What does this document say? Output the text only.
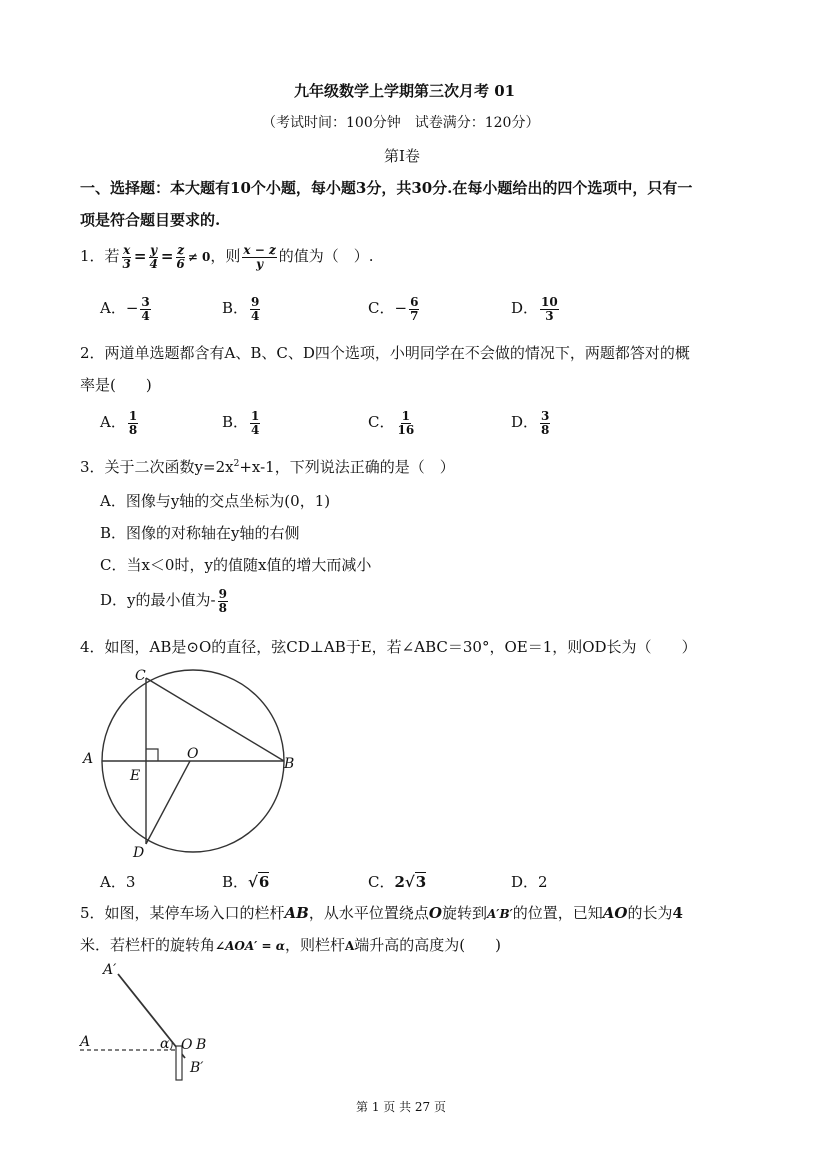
九年级数学上学期第三次月考 01
（考试时间：100分钟　试卷满分：120分）
第Ⅰ卷
一、选择题：本大题有10个小题，每小题3分，共30分.在每小题给出的四个选项中，只有一
项是符合题目要求的.
1．若 $\frac{x}{3} = \frac{y}{4} = \frac{z}{6} \ne 0$，则 $\frac{x - z}{y}$ 的值为（　）.
A．− $\frac{3}{4}$	B． $\frac{9}{4}$	C．− $\frac{6}{7}$	D． $\frac{10}{3}$
2．两道单选题都含有A、B、C、D四个选项，小明同学在不会做的情况下，两题都答对的概
率是(　　)
A． $\frac{1}{8}$	B． $\frac{1}{4}$	C． $\frac{1}{16}$	D． $\frac{3}{8}$
3．关于二次函数$y=2x^2+x-1$，下列说法正确的是（　）
A．图像与y轴的交点坐标为(0，1)
B．图像的对称轴在y轴的右侧
C．当x＜0时，y的值随x值的增大而减小
D．y的最小值为- $\frac{9}{8}$
4．如图，AB是⊙O的直径，弦CD⊥AB于E，若∠ABC＝30°，OE＝1，则OD长为（　　）
C
A
E
O
B
D
A．3	B．√6	C．2√3	D．2
5．如图，某停车场入口的栏杆AB，从水平位置绕点O旋转到A′B′的位置，已知AO的长为4
米．若栏杆的旋转角∠AOA′ = α，则栏杆A端升高的高度为(　　)
A′
A	α O B
B′
第 1 页 共 27 页
